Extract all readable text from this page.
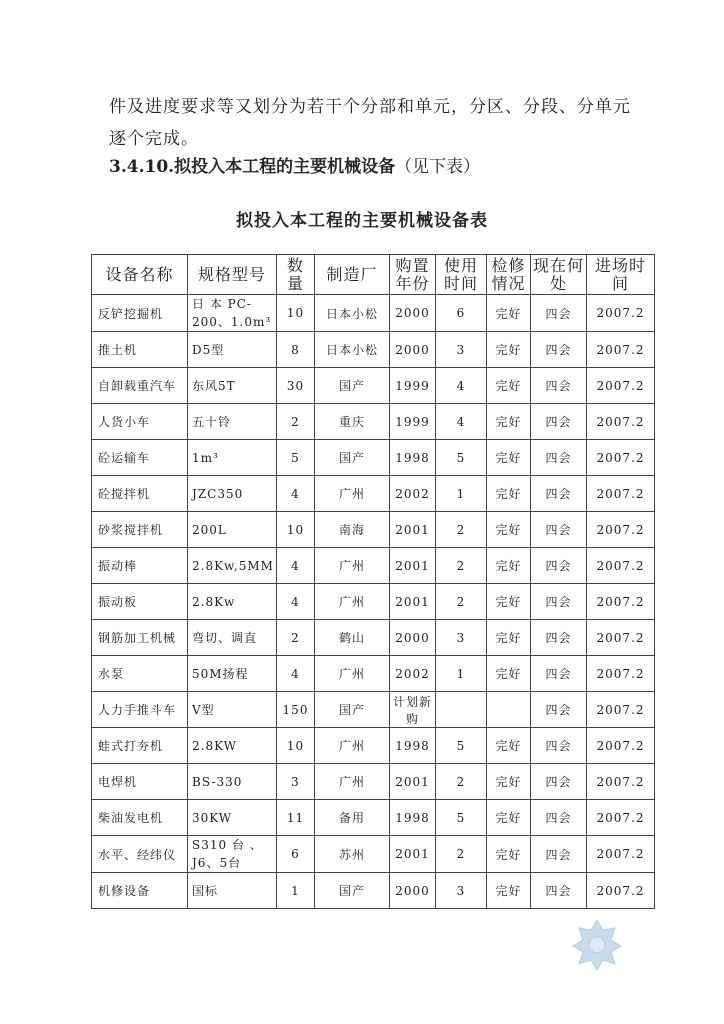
件及进度要求等又划分为若干个分部和单元，分区、分段、分单元
逐个完成。
3.4.10.拟投入本工程的主要机械设备（见下表）
拟投入本工程的主要机械设备表
设备名称	规格型号	数量	制造厂	购置年份	使用时间	检修情况	现在何处	进场时间
反铲挖掘机	日 本 PC-200、1.0m³	10	日本小松	2000	6	完好	四会	2007.2
推土机	D5型	8	日本小松	2000	3	完好	四会	2007.2
自卸载重汽车	东风5T	30	国产	1999	4	完好	四会	2007.2
人货小车	五十铃	2	重庆	1999	4	完好	四会	2007.2
砼运输车	1m³	5	国产	1998	5	完好	四会	2007.2
砼搅拌机	JZC350	4	广州	2002	1	完好	四会	2007.2
砂浆搅拌机	200L	10	南海	2001	2	完好	四会	2007.2
振动棒	2.8Kw,5MM	4	广州	2001	2	完好	四会	2007.2
振动板	2.8Kw	4	广州	2001	2	完好	四会	2007.2
钢筋加工机械	弯切、调直	2	鹤山	2000	3	完好	四会	2007.2
水泵	50M扬程	4	广州	2002	1	完好	四会	2007.2
人力手推斗车	V型	150	国产	计划新购			四会	2007.2
蛙式打夯机	2.8KW	10	广州	1998	5	完好	四会	2007.2
电焊机	BS-330	3	广州	2001	2	完好	四会	2007.2
柴油发电机	30KW	11	备用	1998	5	完好	四会	2007.2
水平、经纬仪	S310 台 、J6、5台	6	苏州	2001	2	完好	四会	2007.2
机修设备	国标	1	国产	2000	3	完好	四会	2007.2
